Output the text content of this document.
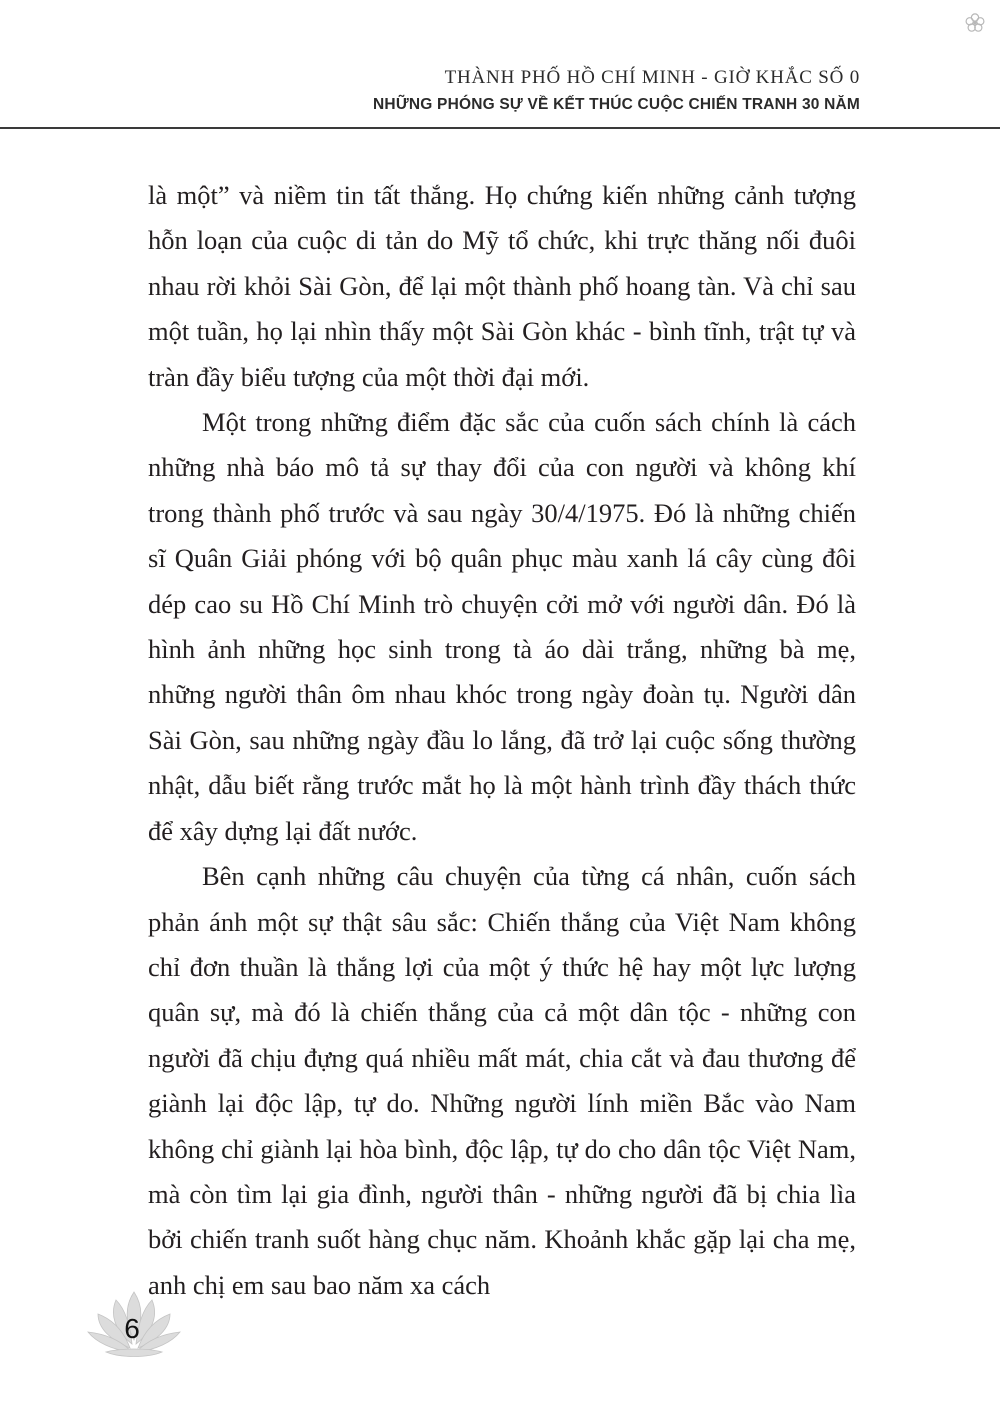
THÀNH PHỐ HỒ CHÍ MINH - GIỜ KHẮC SỐ 0
NHỮNG PHÓNG SỰ VỀ KẾT THÚC CUỘC CHIẾN TRANH 30 NĂM

là một” và niềm tin tất thắng. Họ chứng kiến những cảnh tượng hỗn loạn của cuộc di tản do Mỹ tổ chức, khi trực thăng nối đuôi nhau rời khỏi Sài Gòn, để lại một thành phố hoang tàn. Và chỉ sau một tuần, họ lại nhìn thấy một Sài Gòn khác - bình tĩnh, trật tự và tràn đầy biểu tượng của một thời đại mới.

Một trong những điểm đặc sắc của cuốn sách chính là cách những nhà báo mô tả sự thay đổi của con người và không khí trong thành phố trước và sau ngày 30/4/1975. Đó là những chiến sĩ Quân Giải phóng với bộ quân phục màu xanh lá cây cùng đôi dép cao su Hồ Chí Minh trò chuyện cởi mở với người dân. Đó là hình ảnh những học sinh trong tà áo dài trắng, những bà mẹ, những người thân ôm nhau khóc trong ngày đoàn tụ. Người dân Sài Gòn, sau những ngày đầu lo lắng, đã trở lại cuộc sống thường nhật, dẫu biết rằng trước mắt họ là một hành trình đầy thách thức để xây dựng lại đất nước.

Bên cạnh những câu chuyện của từng cá nhân, cuốn sách phản ánh một sự thật sâu sắc: Chiến thắng của Việt Nam không chỉ đơn thuần là thắng lợi của một ý thức hệ hay một lực lượng quân sự, mà đó là chiến thắng của cả một dân tộc - những con người đã chịu đựng quá nhiều mất mát, chia cắt và đau thương để giành lại độc lập, tự do. Những người lính miền Bắc vào Nam không chỉ giành lại hòa bình, độc lập, tự do cho dân tộc Việt Nam, mà còn tìm lại gia đình, người thân - những người đã bị chia lìa bởi chiến tranh suốt hàng chục năm. Khoảnh khắc gặp lại cha mẹ, anh chị em sau bao năm xa cách

6
